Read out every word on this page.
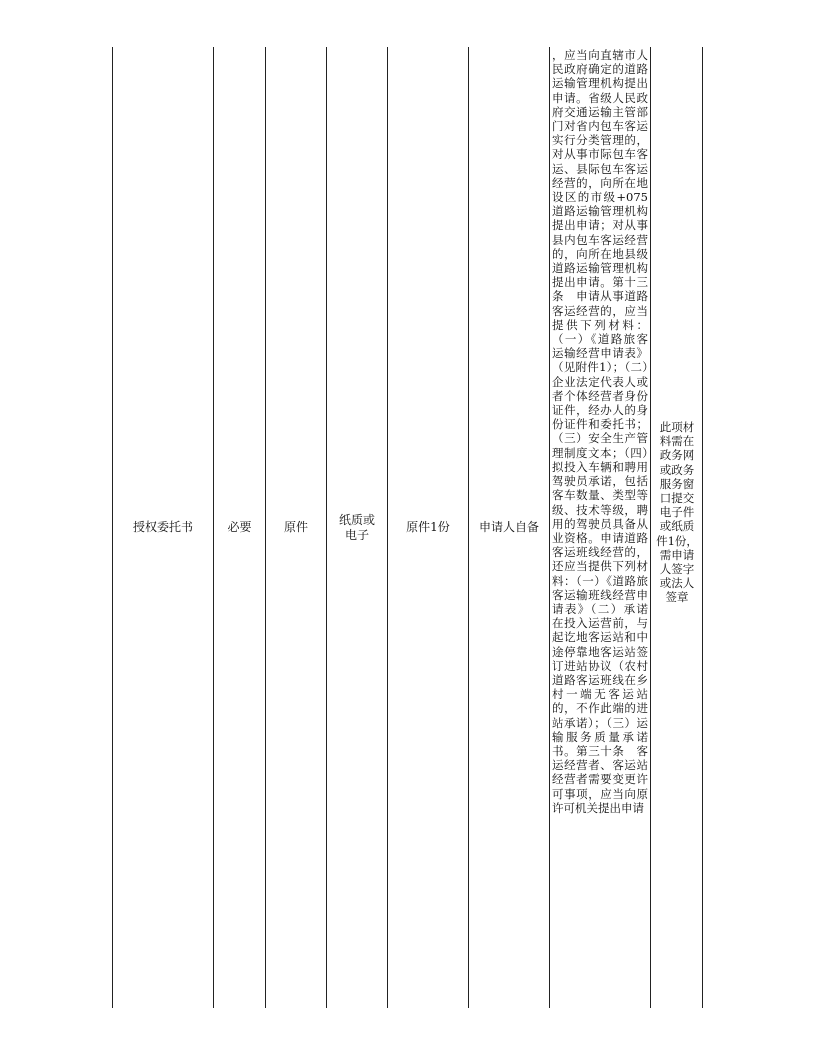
授权委托书	必要	原件
纸质或电子
原件1份 申请人自备

，应当向直辖市人民政府确定的道路运输管理机构提出申请。省级人民政府交通运输主管部门对省内包车客运实行分类管理的，对从事市际包车客运、县际包车客运经营的，向所在地设区的市级+075道路运输管理机构提出申请；对从事县内包车客运经营的，向所在地县级道路运输管理机构提出申请。第十三条　申请从事道路客运经营的，应当提供下列材料：（一）《道路旅客运输经营申请表》（见附件1）；（二）企业法定代表人或者个体经营者身份证件，经办人的身份证件和委托书；（三）安全生产管理制度文本；（四）拟投入车辆和聘用驾驶员承诺，包括客车数量、类型等级、技术等级，聘用的驾驶员具备从业资格。申请道路客运班线经营的，还应当提供下列材料：（一）《道路旅客运输班线经营申请表》（二）承诺在投入运营前，与起讫地客运站和中途停靠地客运站签订进站协议（农村道路客运班线在乡村一端无客运站的，不作此端的进站承诺）；（三）运输服务质量承诺书。第三十条　客运经营者、客运站经营者需要变更许可事项，应当向原许可机关提出申请

此项材料需在政务网或政务服务窗口提交电子件或纸质件1份，需申请人签字或法人签章
